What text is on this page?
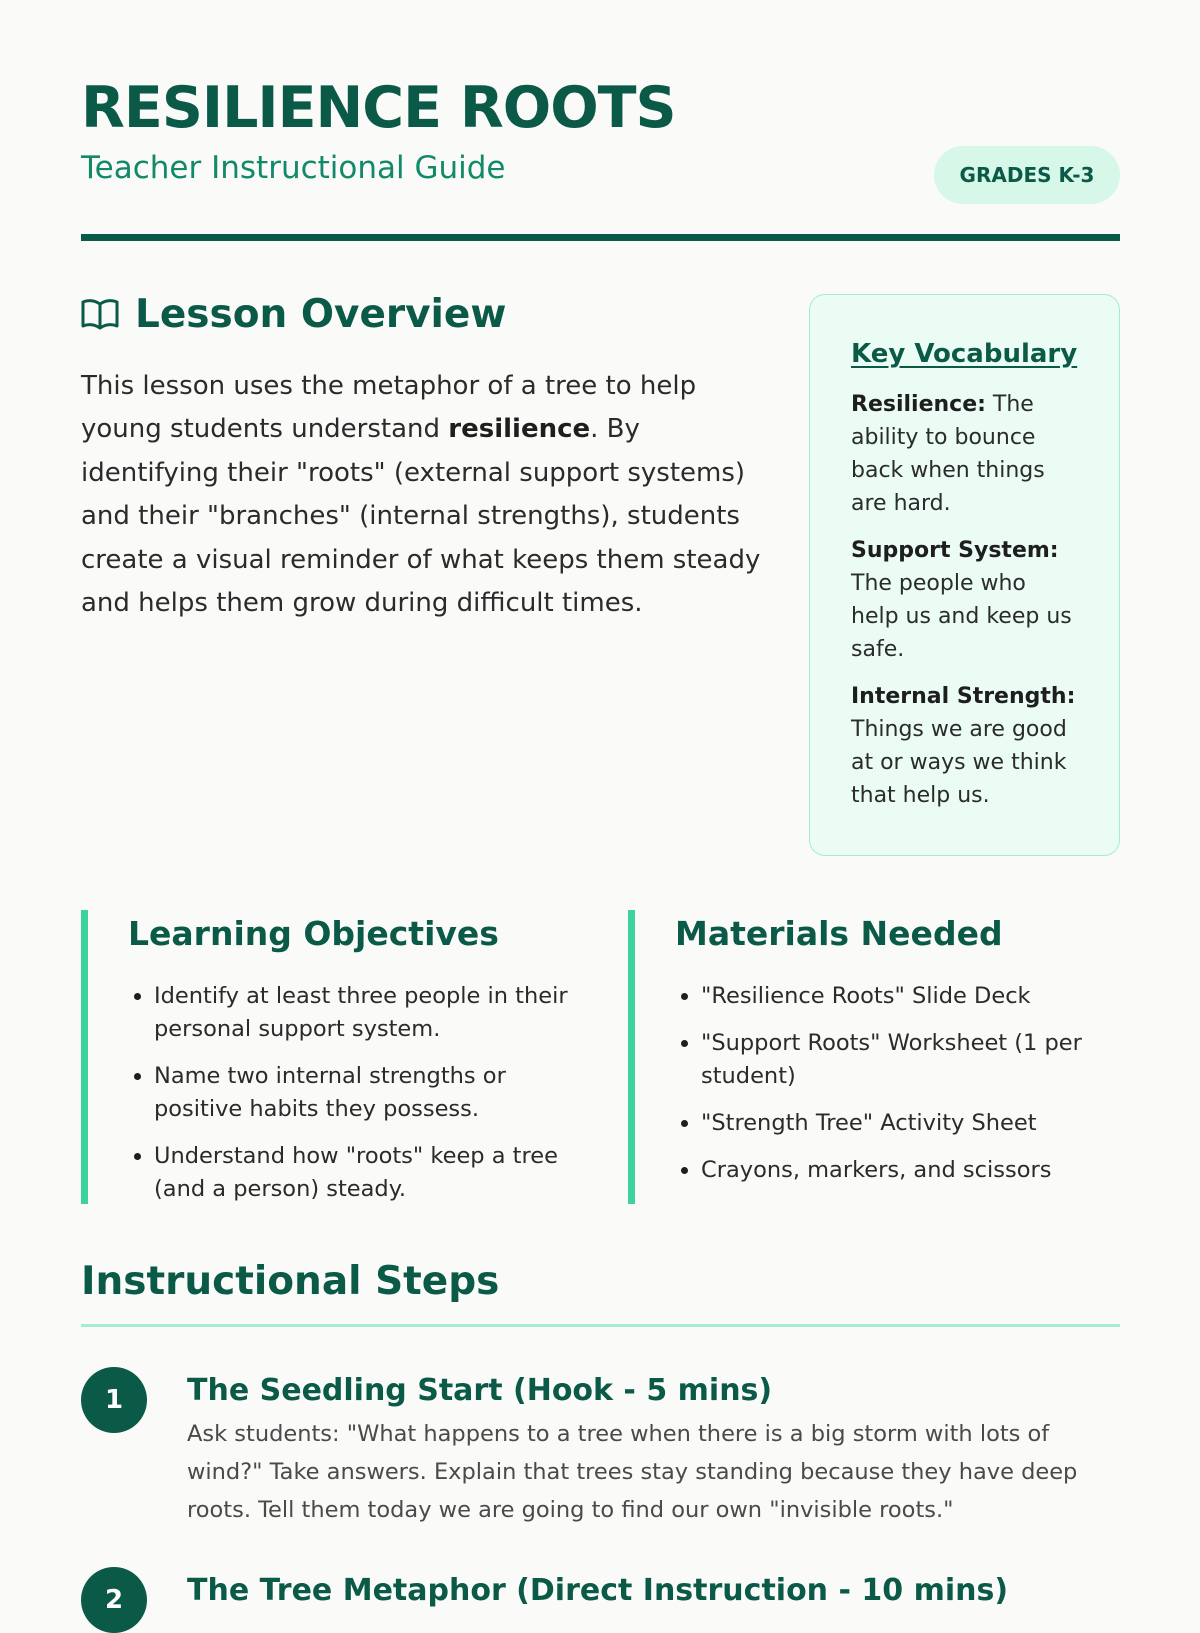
RESILIENCE ROOTS

Teacher Instructional Guide	GRADES K-3
Lesson Overview

This lesson uses the metaphor of a tree to help young students understand resilience. By identifying their "roots" (external support systems) and their "branches" (internal strengths), students create a visual reminder of what keeps them steady and helps them grow during difficult times.

Key Vocabulary

Resilience: The ability to bounce back when things are hard.

Support System: The people who help us and keep us safe.

Internal Strength: Things we are good at or ways we think that help us.

Learning Objectives
• Identify at least three people in their personal support system.
• Name two internal strengths or positive habits they possess.
• Understand how "roots" keep a tree (and a person) steady.
Materials Needed
• "Resilience Roots" Slide Deck
• "Support Roots" Worksheet (1 per student)
• "Strength Tree" Activity Sheet
• Crayons, markers, and scissors
Instructional Steps
1	The Seedling Start (Hook - 5 mins)

Ask students: "What happens to a tree when there is a big storm with lots of wind?" Take answers. Explain that trees stay standing because they have deep roots. Tell them today we are going to find our own "invisible roots."

2	The Tree Metaphor (Direct Instruction - 10 mins)
